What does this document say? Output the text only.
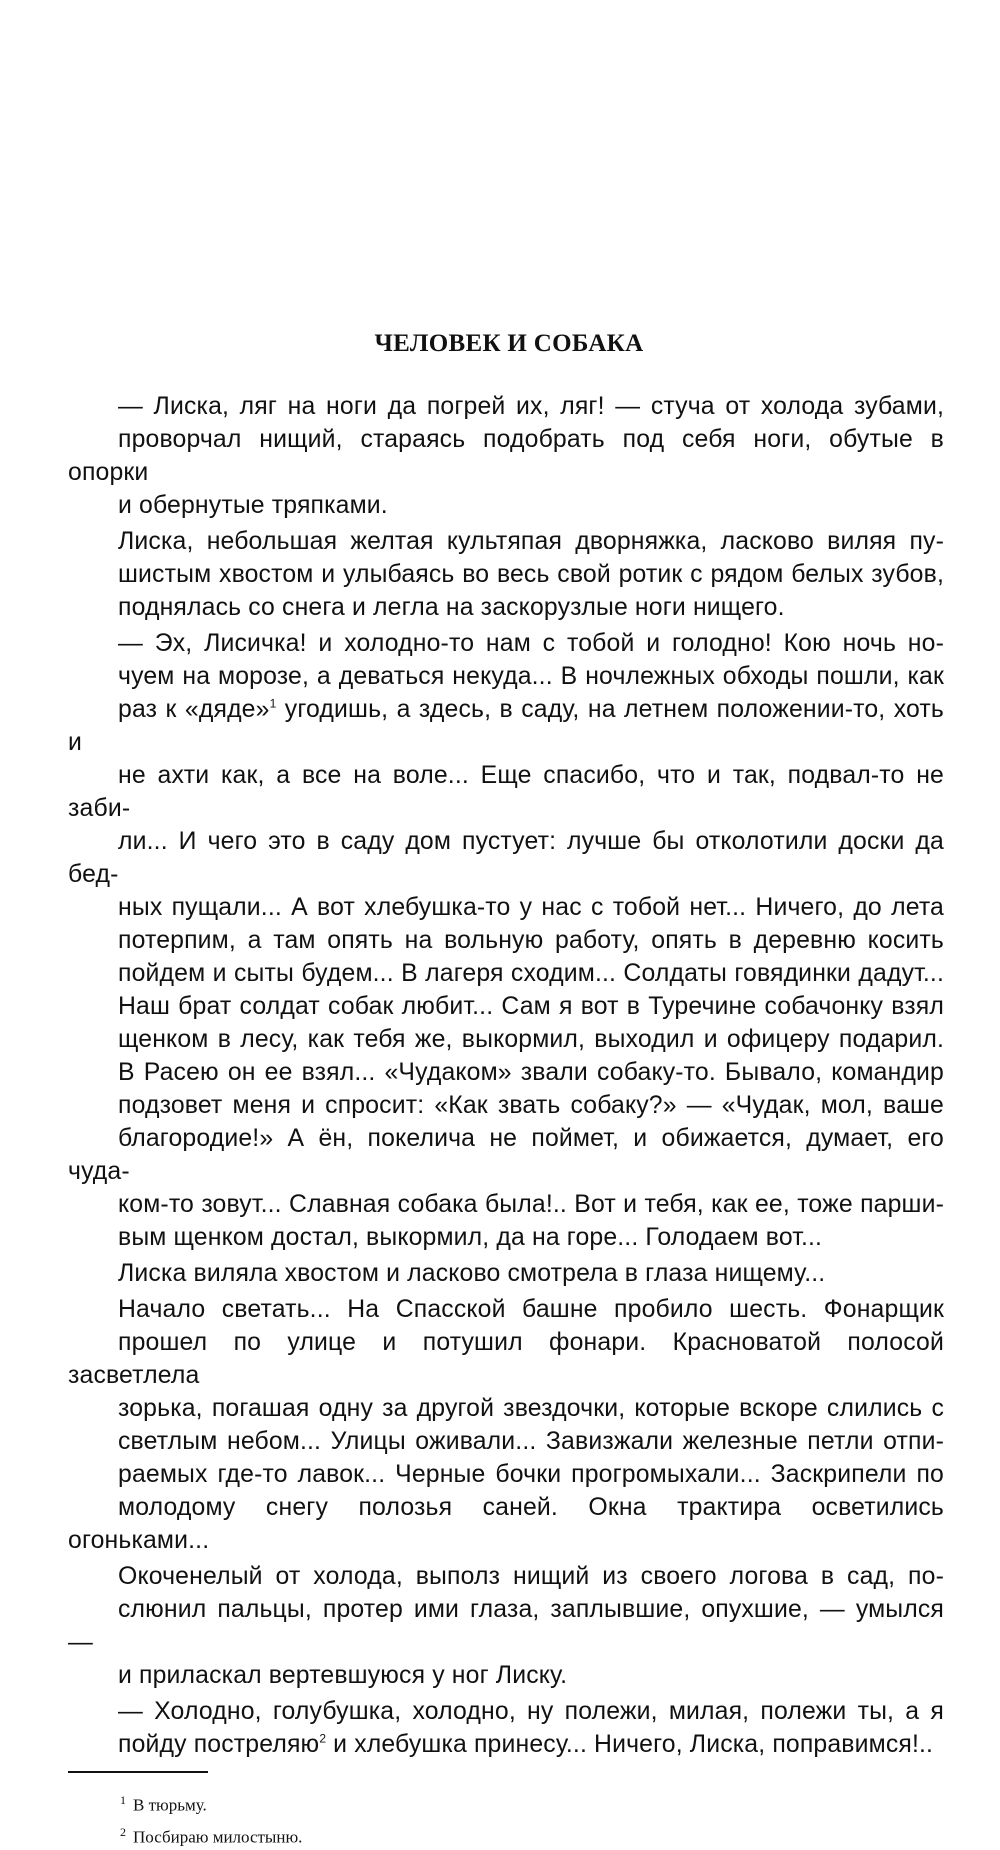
ЧЕЛОВЕК И СОБАКА

— Лиска, ляг на ноги да погрей их, ляг! — стуча от холода зубами,
проворчал нищий, стараясь подобрать под себя ноги, обутые в опорки
и обернутые тряпками.

Лиска, небольшая желтая культяпая дворняжка, ласково виляя пу-
шистым хвостом и улыбаясь во весь свой ротик с рядом белых зубов,
поднялась со снега и легла на заскорузлые ноги нищего.

— Эх, Лисичка! и холодно-то нам с тобой и голодно! Кою ночь но-
чуем на морозе, а деваться некуда... В ночлежных обходы пошли, как
раз к «дяде»$^1$ угодишь, а здесь, в саду, на летнем положении-то, хоть и
не ахти как, а все на воле... Еще спасибо, что и так, подвал-то не заби-
ли... И чего это в саду дом пустует: лучше бы отколотили доски да бед-
ных пущали... А вот хлебушка-то у нас с тобой нет... Ничего, до лета
потерпим, а там опять на вольную работу, опять в деревню косить
пойдем и сыты будем... В лагеря сходим... Солдаты говядинки дадут...
Наш брат солдат собак любит... Сам я вот в Туречине собачонку взял
щенком в лесу, как тебя же, выкормил, выходил и офицеру подарил.
В Расею он ее взял... «Чудаком» звали собаку-то. Бывало, командир
подзовет меня и спросит: «Как звать собаку?» — «Чудак, мол, ваше
благородие!» А ён, покелича не поймет, и обижается, думает, его чуда-
ком-то зовут... Славная собака была!.. Вот и тебя, как ее, тоже парши-
вым щенком достал, выкормил, да на горе... Голодаем вот...

Лиска виляла хвостом и ласково смотрела в глаза нищему...

Начало светать... На Спасской башне пробило шесть. Фонарщик
прошел по улице и потушил фонари. Красноватой полосой засветлела
зорька, погашая одну за другой звездочки, которые вскоре слились с
светлым небом... Улицы оживали... Завизжали железные петли отпи-
раемых где-то лавок... Черные бочки прогромыхали... Заскрипели по
молодому снегу полозья саней. Окна трактира осветились огоньками...

Окоченелый от холода, выполз нищий из своего логова в сад, по-
слюнил пальцы, протер ими глаза, заплывшие, опухшие, — умылся —
и приласкал вертевшуюся у ног Лиску.

— Холодно, голубушка, холодно, ну полежи, милая, полежи ты, а я
пойду постреляю$^2$ и хлебушка принесу... Ничего, Лиска, поправимся!..

$^1$ В тюрьму.
$^2$ Посбираю милостыню.
